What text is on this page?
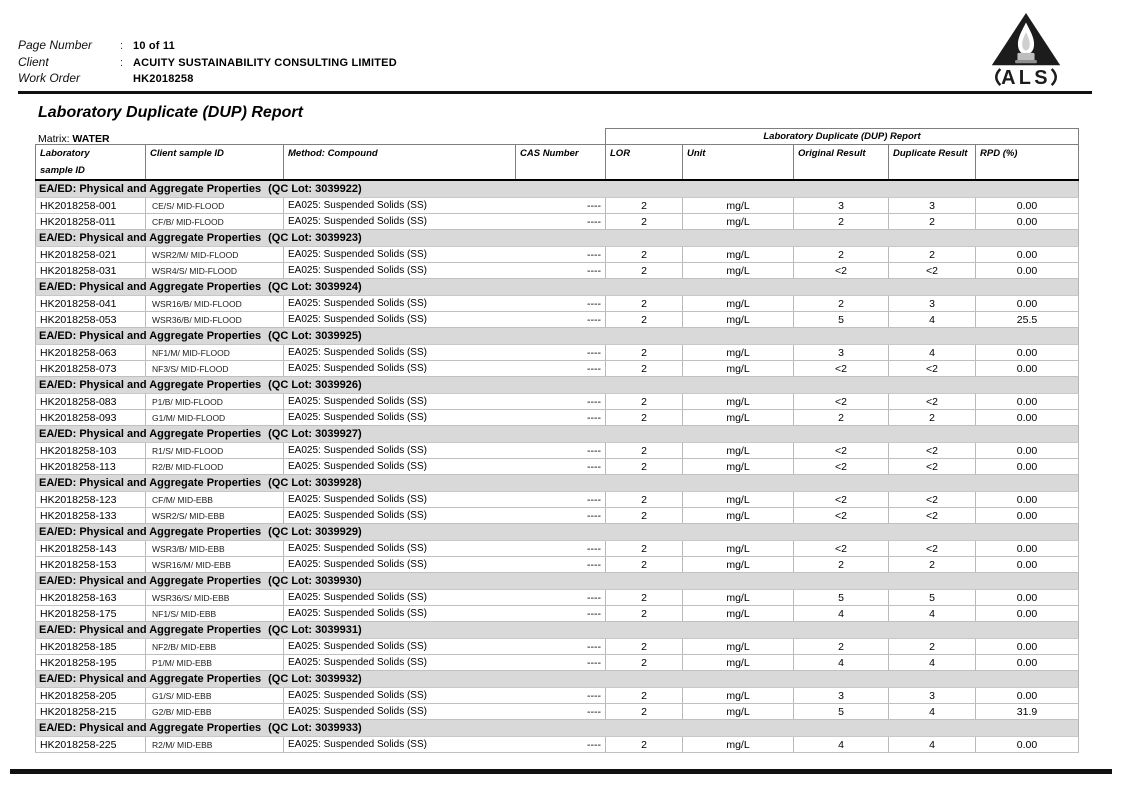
Page Number	: 10 of 11
Client	: ACUITY SUSTAINABILITY CONSULTING LIMITED
Work Order	HK2018258	ALS
Laboratory Duplicate (DUP) Report
Matrix: WATER
				Laboratory Duplicate (DUP) Report				

Laboratory
sample ID	Client sample ID	Method: Compound	CAS Number	LOR	Unit	Original Result	Duplicate Result	RPD (%)
EA/ED: Physical and Aggregate Properties (QC Lot: 3039922)								
HK2018258-001	CE/S/ MID-FLOOD	EA025: Suspended Solids (SS)	----	2	mg/L	3	3	0.00
HK2018258-011	CF/B/ MID-FLOOD	EA025: Suspended Solids (SS)	----	2	mg/L	2	2	0.00
EA/ED: Physical and Aggregate Properties (QC Lot: 3039923)								
HK2018258-021	WSR2/M/ MID-FLOOD	EA025: Suspended Solids (SS)	----	2	mg/L	2	2	0.00
HK2018258-031	WSR4/S/ MID-FLOOD	EA025: Suspended Solids (SS)	----	2	mg/L	<2	<2	0.00
EA/ED: Physical and Aggregate Properties (QC Lot: 3039924)								
HK2018258-041	WSR16/B/ MID-FLOOD	EA025: Suspended Solids (SS)	----	2	mg/L	2	3	0.00
HK2018258-053	WSR36/B/ MID-FLOOD	EA025: Suspended Solids (SS)	----	2	mg/L	5	4	25.5
EA/ED: Physical and Aggregate Properties (QC Lot: 3039925)								
HK2018258-063	NF1/M/ MID-FLOOD	EA025: Suspended Solids (SS)	----	2	mg/L	3	4	0.00
HK2018258-073	NF3/S/ MID-FLOOD	EA025: Suspended Solids (SS)	----	2	mg/L	<2	<2	0.00
EA/ED: Physical and Aggregate Properties (QC Lot: 3039926)								
HK2018258-083	P1/B/ MID-FLOOD	EA025: Suspended Solids (SS)	----	2	mg/L	<2	<2	0.00
HK2018258-093	G1/M/ MID-FLOOD	EA025: Suspended Solids (SS)	----	2	mg/L	2	2	0.00
EA/ED: Physical and Aggregate Properties (QC Lot: 3039927)								
HK2018258-103	R1/S/ MID-FLOOD	EA025: Suspended Solids (SS)	----	2	mg/L	<2	<2	0.00
HK2018258-113	R2/B/ MID-FLOOD	EA025: Suspended Solids (SS)	----	2	mg/L	<2	<2	0.00
EA/ED: Physical and Aggregate Properties (QC Lot: 3039928)								
HK2018258-123	CF/M/ MID-EBB	EA025: Suspended Solids (SS)	----	2	mg/L	<2	<2	0.00
HK2018258-133	WSR2/S/ MID-EBB	EA025: Suspended Solids (SS)	----	2	mg/L	<2	<2	0.00
EA/ED: Physical and Aggregate Properties (QC Lot: 3039929)								
HK2018258-143	WSR3/B/ MID-EBB	EA025: Suspended Solids (SS)	----	2	mg/L	<2	<2	0.00
HK2018258-153	WSR16/M/ MID-EBB	EA025: Suspended Solids (SS)	----	2	mg/L	2	2	0.00
EA/ED: Physical and Aggregate Properties (QC Lot: 3039930)								
HK2018258-163	WSR36/S/ MID-EBB	EA025: Suspended Solids (SS)	----	2	mg/L	5	5	0.00
HK2018258-175	NF1/S/ MID-EBB	EA025: Suspended Solids (SS)	----	2	mg/L	4	4	0.00
EA/ED: Physical and Aggregate Properties (QC Lot: 3039931)								
HK2018258-185	NF2/B/ MID-EBB	EA025: Suspended Solids (SS)	----	2	mg/L	2	2	0.00
HK2018258-195	P1/M/ MID-EBB	EA025: Suspended Solids (SS)	----	2	mg/L	4	4	0.00
EA/ED: Physical and Aggregate Properties (QC Lot: 3039932)								
HK2018258-205	G1/S/ MID-EBB	EA025: Suspended Solids (SS)	----	2	mg/L	3	3	0.00
HK2018258-215	G2/B/ MID-EBB	EA025: Suspended Solids (SS)	----	2	mg/L	5	4	31.9
EA/ED: Physical and Aggregate Properties (QC Lot: 3039933)								
HK2018258-225	R2/M/ MID-EBB	EA025: Suspended Solids (SS)	----	2	mg/L	4	4	0.00
